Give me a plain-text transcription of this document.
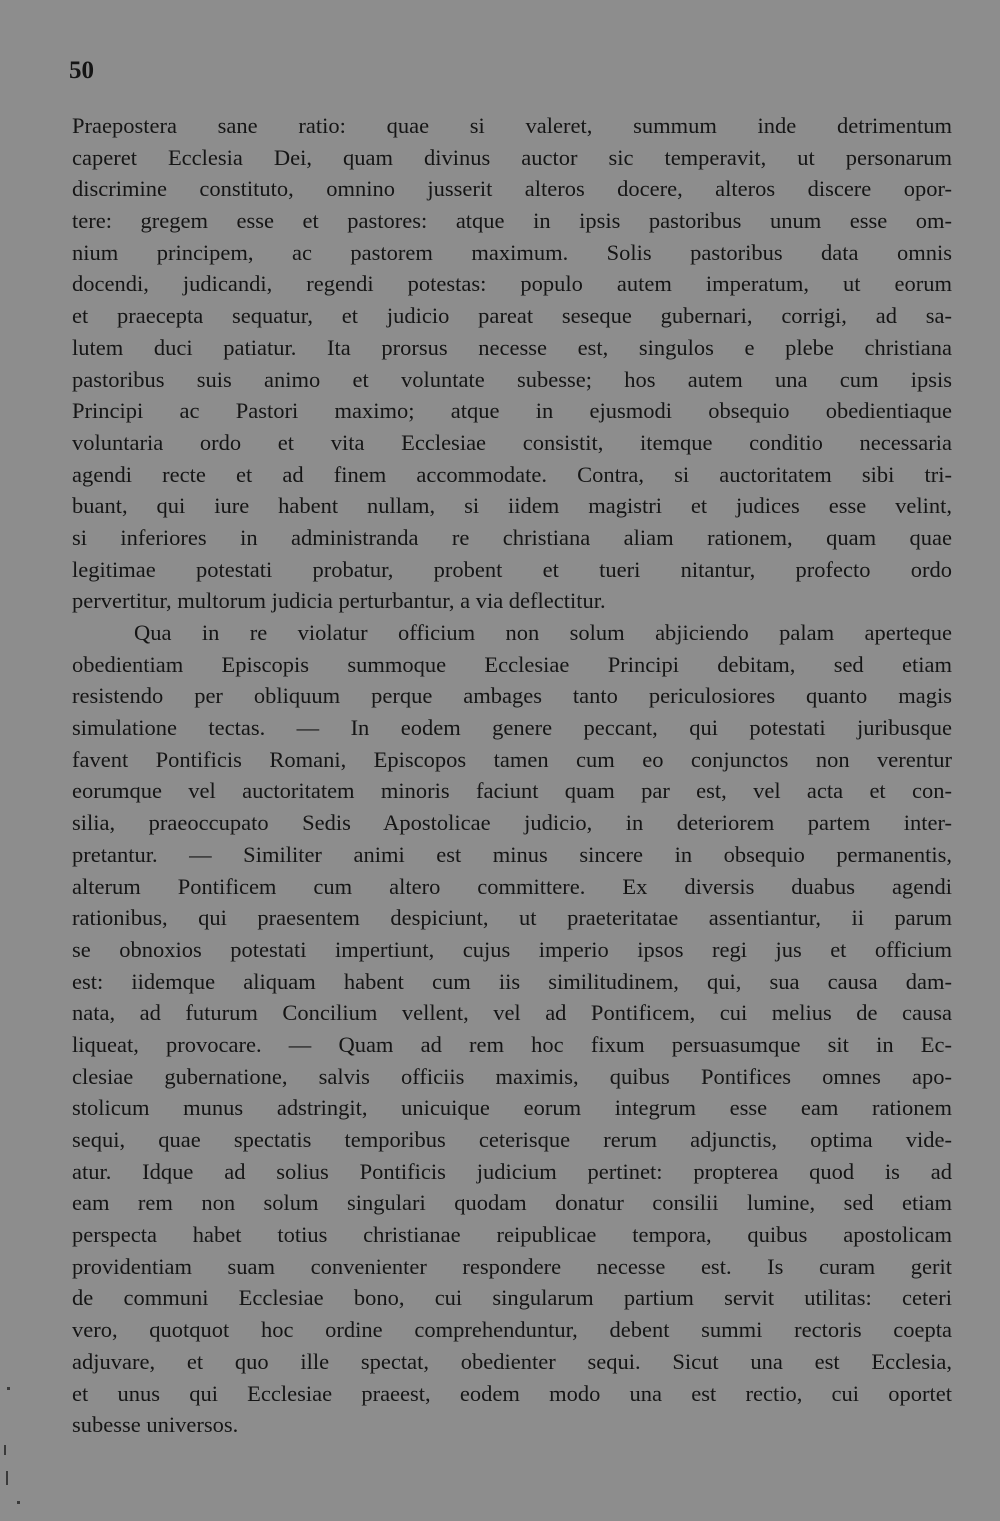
50
Praepostera sane ratio: quae si valeret, summum inde detrimentum
caperet Ecclesia Dei, quam divinus auctor sic temperavit, ut personarum
discrimine constituto, omnino jusserit alteros docere, alteros discere opor-
tere: gregem esse et pastores: atque in ipsis pastoribus unum esse om-
nium principem, ac pastorem maximum. Solis pastoribus data omnis
docendi, judicandi, regendi potestas: populo autem imperatum, ut eorum
et praecepta sequatur, et judicio pareat seseque gubernari, corrigi, ad sa-
lutem duci patiatur. Ita prorsus necesse est, singulos e plebe christiana
pastoribus suis animo et voluntate subesse; hos autem una cum ipsis
Principi ac Pastori maximo; atque in ejusmodi obsequio obedientiaque
voluntaria ordo et vita Ecclesiae consistit, itemque conditio necessaria
agendi recte et ad finem accommodate. Contra, si auctoritatem sibi tri-
buant, qui iure habent nullam, si iidem magistri et judices esse velint,
si inferiores in administranda re christiana aliam rationem, quam quae
legitimae potestati probatur, probent et tueri nitantur, profecto ordo
pervertitur, multorum judicia perturbantur, a via deflectitur.
Qua in re violatur officium non solum abjiciendo palam aperteque
obedientiam Episcopis summoque Ecclesiae Principi debitam, sed etiam
resistendo per obliquum perque ambages tanto periculosiores quanto magis
simulatione tectas. — In eodem genere peccant, qui potestati juribusque
favent Pontificis Romani, Episcopos tamen cum eo conjunctos non verentur
eorumque vel auctoritatem minoris faciunt quam par est, vel acta et con-
silia, praeoccupato Sedis Apostolicae judicio, in deteriorem partem inter-
pretantur. — Similiter animi est minus sincere in obsequio permanentis,
alterum Pontificem cum altero committere. Ex diversis duabus agendi
rationibus, qui praesentem despiciunt, ut praeteritatae assentiantur, ii parum
se obnoxios potestati impertiunt, cujus imperio ipsos regi jus et officium
est: iidemque aliquam habent cum iis similitudinem, qui, sua causa dam-
nata, ad futurum Concilium vellent, vel ad Pontificem, cui melius de causa
liqueat, provocare. — Quam ad rem hoc fixum persuasumque sit in Ec-
clesiae gubernatione, salvis officiis maximis, quibus Pontifices omnes apo-
stolicum munus adstringit, unicuique eorum integrum esse eam rationem
sequi, quae spectatis temporibus ceterisque rerum adjunctis, optima vide-
atur. Idque ad solius Pontificis judicium pertinet: propterea quod is ad
eam rem non solum singulari quodam donatur consilii lumine, sed etiam
perspecta habet totius christianae reipublicae tempora, quibus apostolicam
providentiam suam convenienter respondere necesse est. Is curam gerit
de communi Ecclesiae bono, cui singularum partium servit utilitas: ceteri
vero, quotquot hoc ordine comprehenduntur, debent summi rectoris coepta
adjuvare, et quo ille spectat, obedienter sequi. Sicut una est Ecclesia,
et unus qui Ecclesiae praeest, eodem modo una est rectio, cui oportet
subesse universos.
